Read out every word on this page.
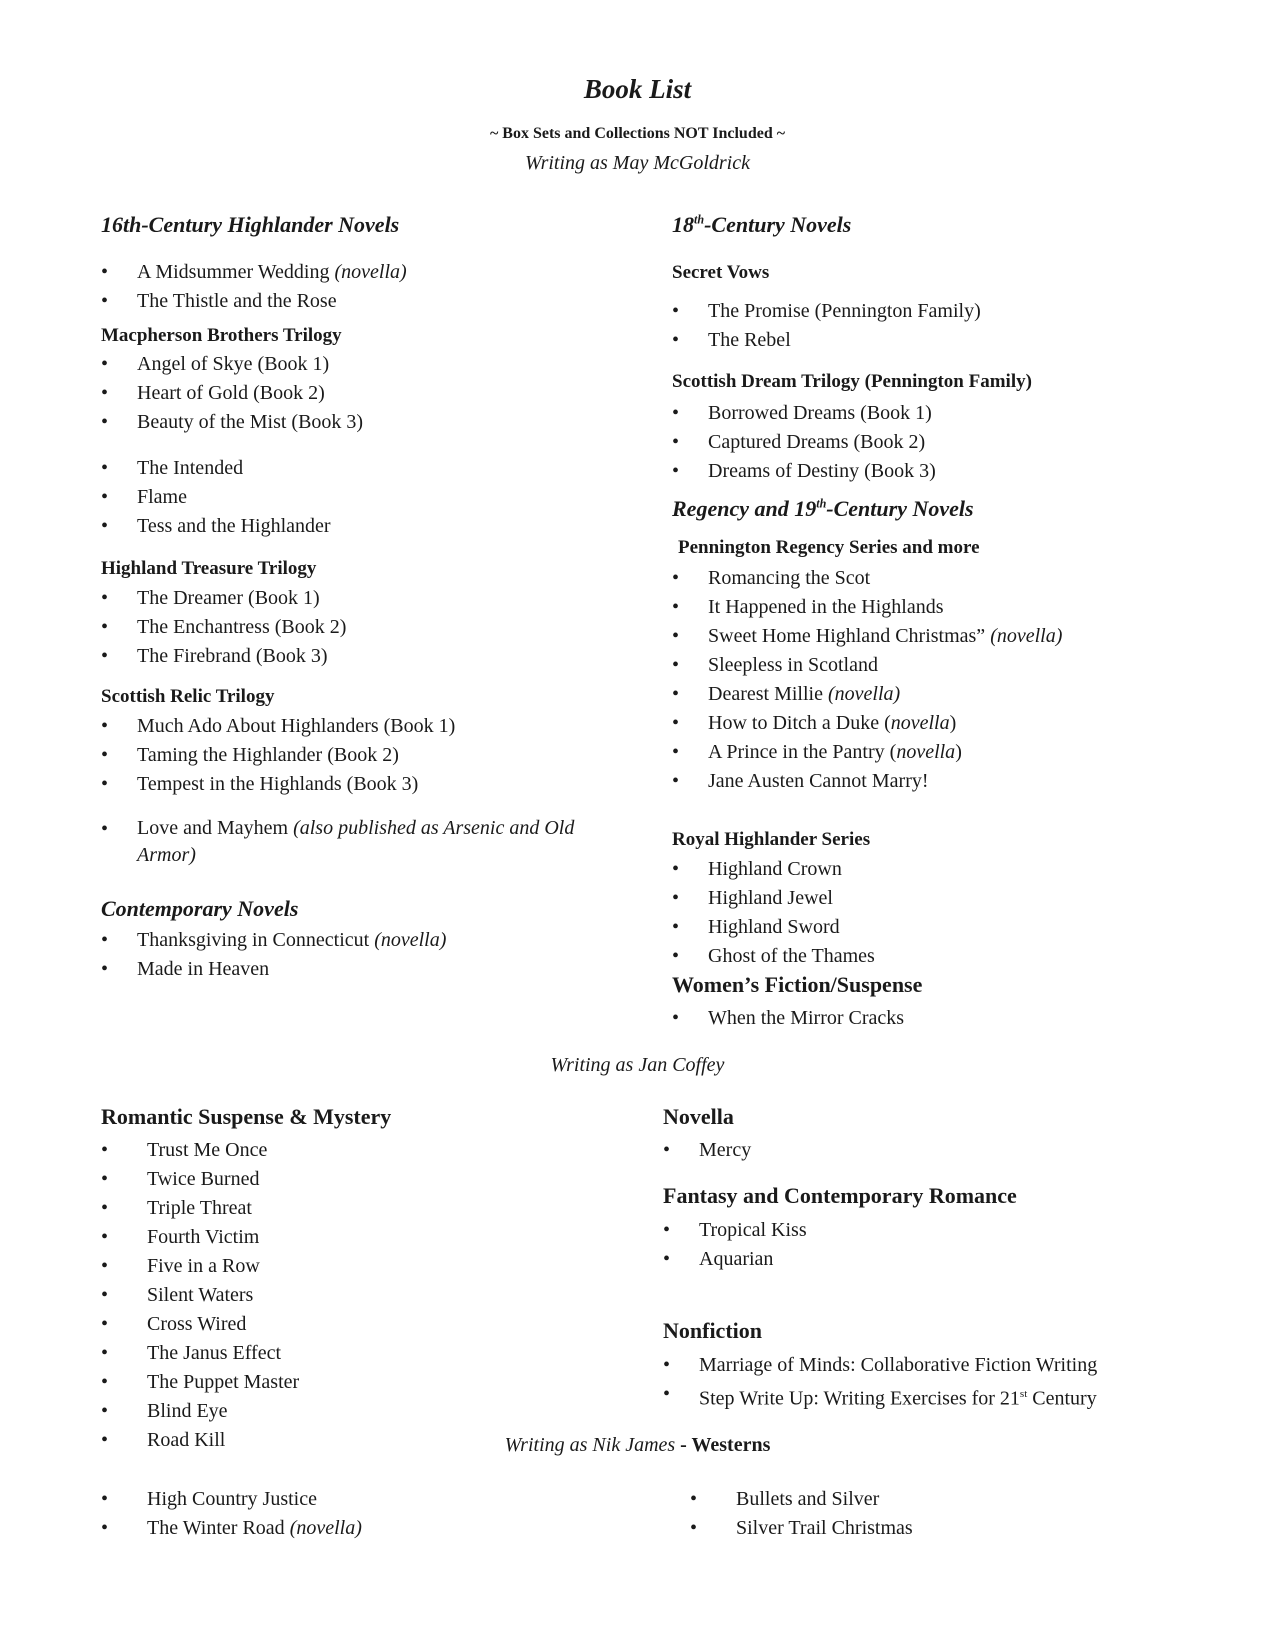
Book List
~ Box Sets and Collections NOT Included ~
Writing as May McGoldrick
16th-Century Highlander Novels
• A Midsummer Wedding (novella)
• The Thistle and the Rose
Macpherson Brothers Trilogy
• Angel of Skye (Book 1)
• Heart of Gold (Book 2)
• Beauty of the Mist (Book 3)
• The Intended
• Flame
• Tess and the Highlander
Highland Treasure Trilogy
• The Dreamer (Book 1)
• The Enchantress (Book 2)
• The Firebrand (Book 3)
Scottish Relic Trilogy
• Much Ado About Highlanders (Book 1)
• Taming the Highlander (Book 2)
• Tempest in the Highlands (Book 3)
• Love and Mayhem (also published as Arsenic and Old Armor)
Contemporary Novels
• Thanksgiving in Connecticut (novella)
• Made in Heaven
18th-Century Novels
Secret Vows
• The Promise (Pennington Family)
• The Rebel
Scottish Dream Trilogy (Pennington Family)
• Borrowed Dreams (Book 1)
• Captured Dreams (Book 2)
• Dreams of Destiny (Book 3)
Regency and 19th-Century Novels
Pennington Regency Series and more
• Romancing the Scot
• It Happened in the Highlands
• Sweet Home Highland Christmas” (novella)
• Sleepless in Scotland
• Dearest Millie (novella)
• How to Ditch a Duke (novella)
• A Prince in the Pantry (novella)
• Jane Austen Cannot Marry!
Royal Highlander Series
• Highland Crown
• Highland Jewel
• Highland Sword
• Ghost of the Thames
Women’s Fiction/Suspense
• When the Mirror Cracks
Writing as Jan Coffey
Romantic Suspense & Mystery
• Trust Me Once
• Twice Burned
• Triple Threat
• Fourth Victim
• Five in a Row
• Silent Waters
• Cross Wired
• The Janus Effect
• The Puppet Master
• Blind Eye
• Road Kill
Novella
• Mercy
Fantasy and Contemporary Romance
• Tropical Kiss
• Aquarian
Nonfiction
• Marriage of Minds: Collaborative Fiction Writing
• Step Write Up: Writing Exercises for 21st Century
Writing as Nik James - Westerns
• High Country Justice
• The Winter Road (novella)
• Bullets and Silver
• Silver Trail Christmas
